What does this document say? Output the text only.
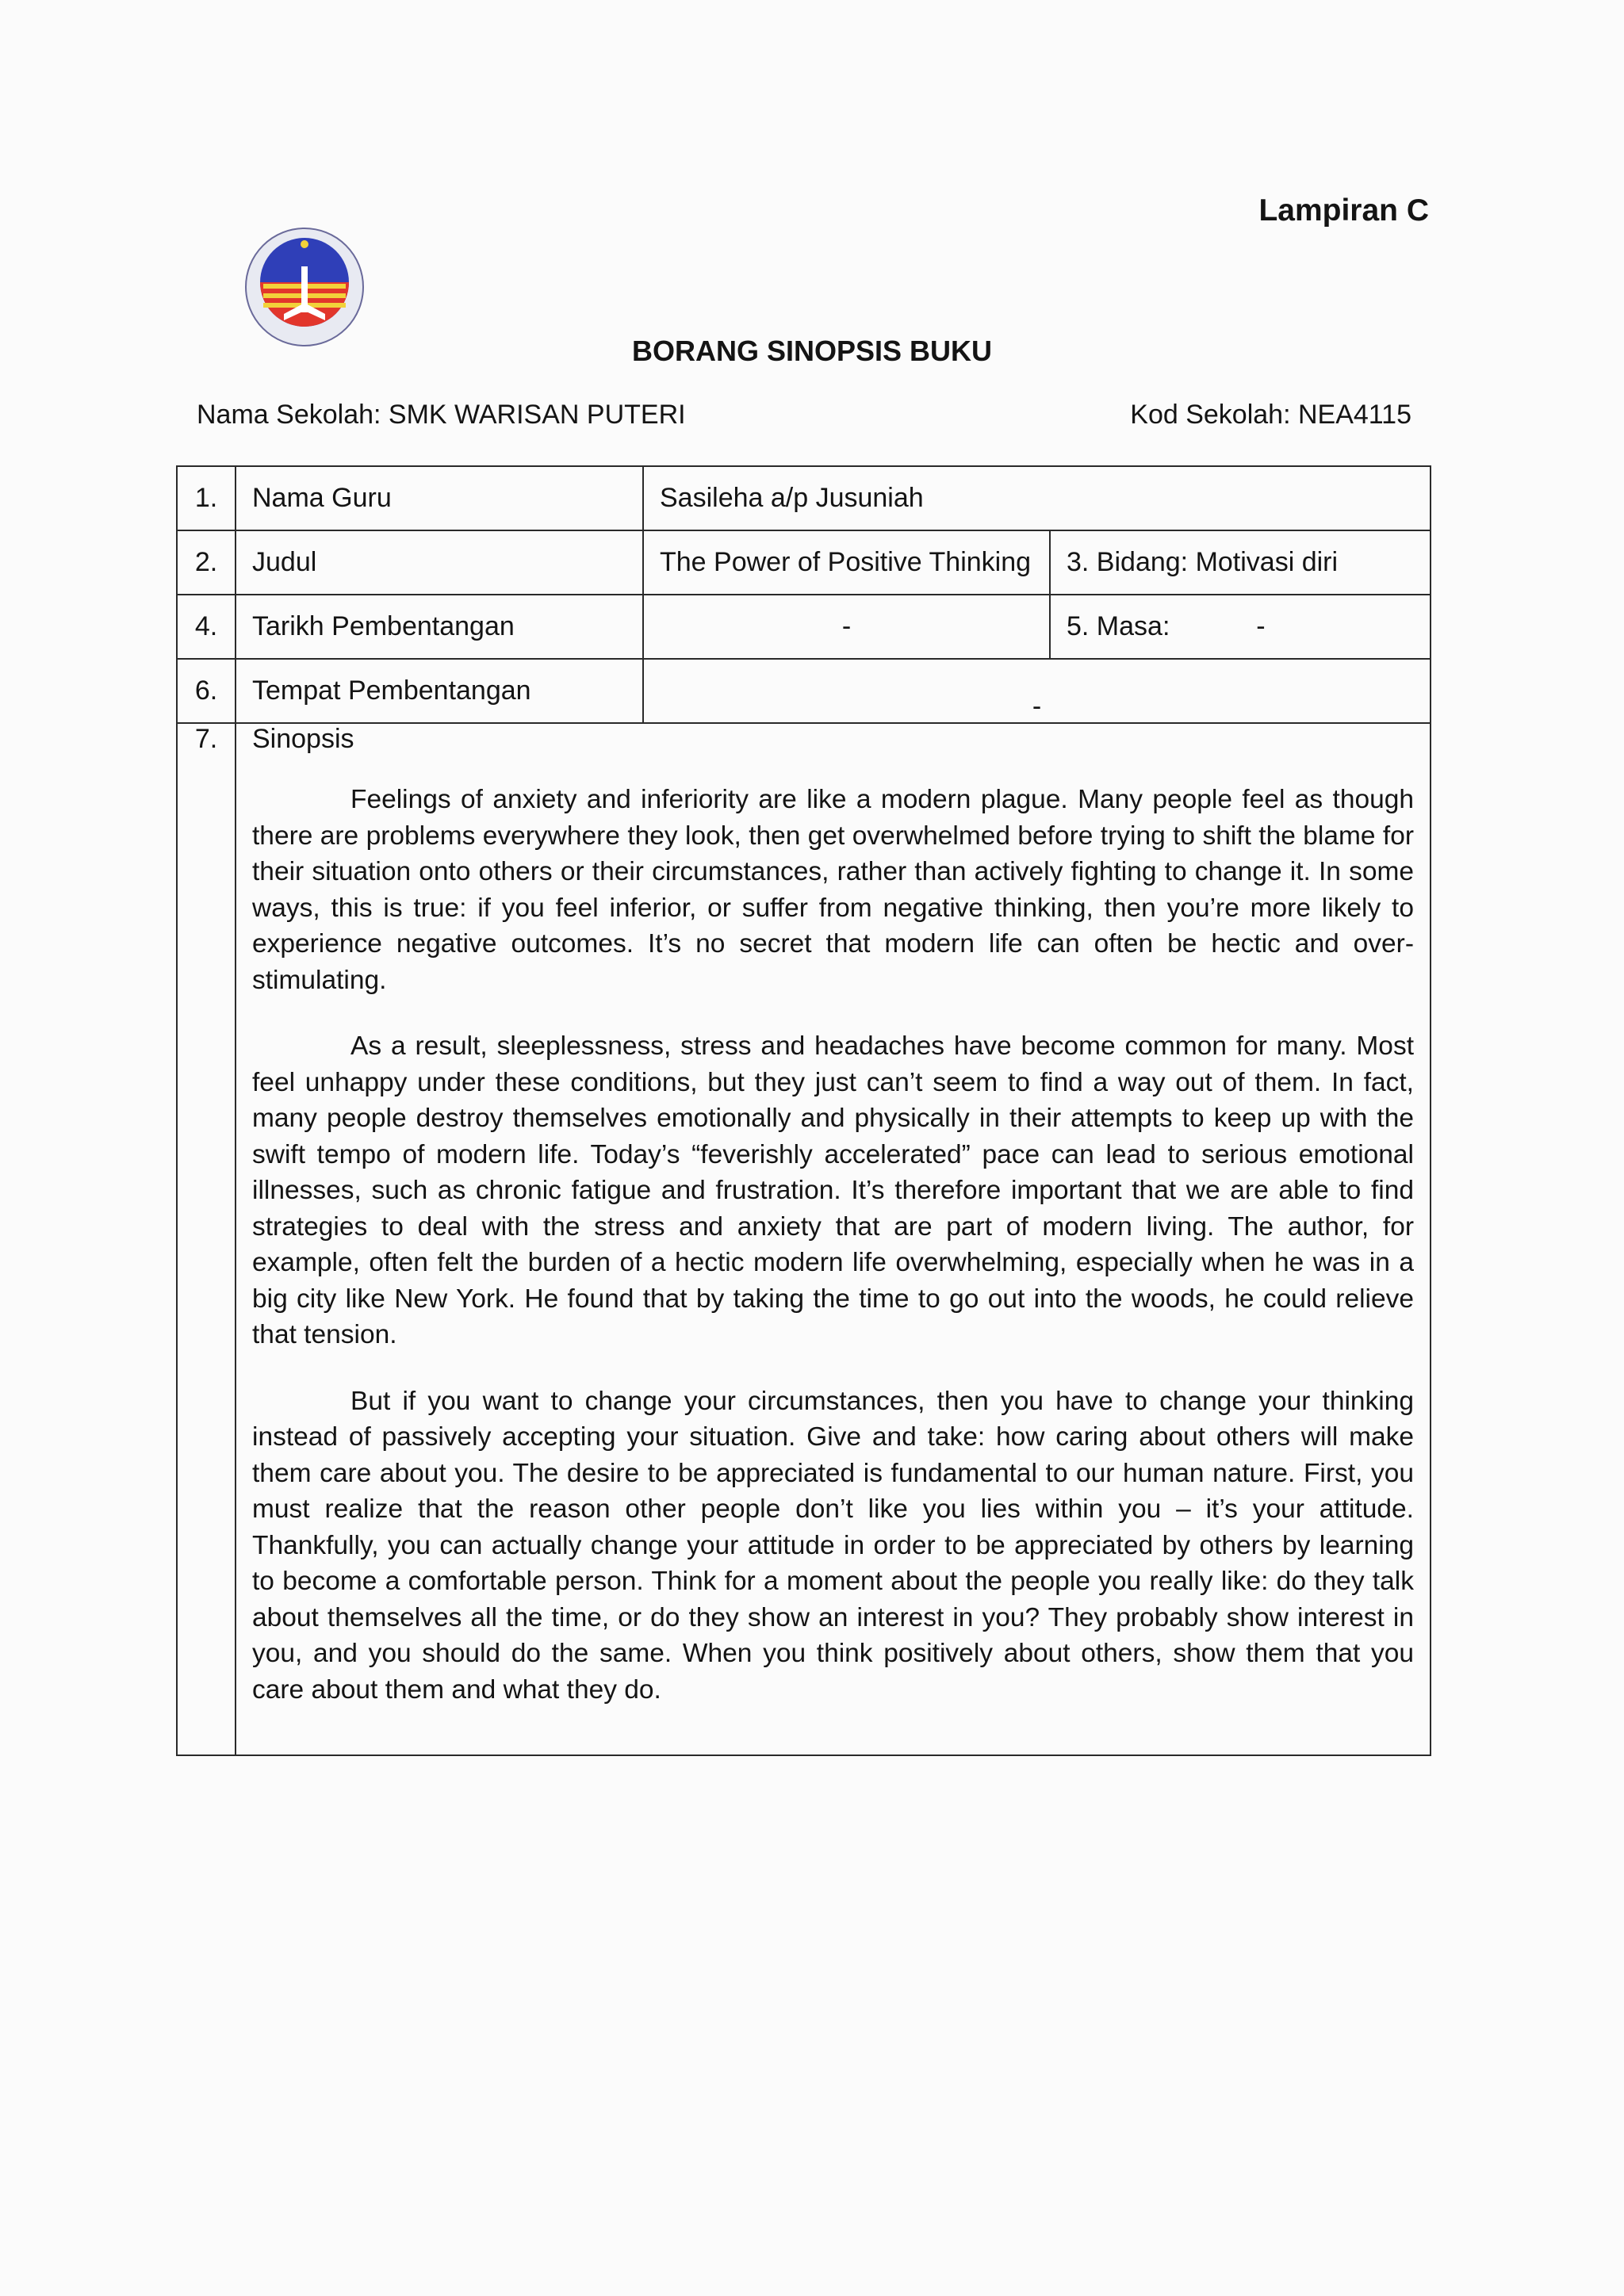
Lampiran C
BORANG SINOPSIS BUKU
Nama Sekolah: SMK WARISAN PUTERI	Kod Sekolah: NEA4115
1.	Nama Guru	Sasileha a/p Jusuniah	
2.	Judul	The Power of Positive Thinking	3. Bidang: Motivasi diri
4.	Tarikh Pembentangan	-	5. Masa: -
6.	Tempat Pembentangan	-	
7.	Sinopsis

Feelings of anxiety and inferiority are like a modern plague. Many people feel as though there are problems everywhere they look, then get overwhelmed before trying to shift the blame for their situation onto others or their circumstances, rather than actively fighting to change it. In some ways, this is true: if you feel inferior, or suffer from negative thinking, then you’re more likely to experience negative outcomes. It’s no secret that modern life can often be hectic and over-stimulating.

As a result, sleeplessness, stress and headaches have become common for many. Most feel unhappy under these conditions, but they just can’t seem to find a way out of them. In fact, many people destroy themselves emotionally and physically in their attempts to keep up with the swift tempo of modern life. Today’s “feverishly accelerated” pace can lead to serious emotional illnesses, such as chronic fatigue and frustration. It’s therefore important that we are able to find strategies to deal with the stress and anxiety that are part of modern living. The author, for example, often felt the burden of a hectic modern life overwhelming, especially when he was in a big city like New York. He found that by taking the time to go out into the woods, he could relieve that tension.

But if you want to change your circumstances, then you have to change your thinking instead of passively accepting your situation. Give and take: how caring about others will make them care about you. The desire to be appreciated is fundamental to our human nature. First, you must realize that the reason other people don’t like you lies within you – it’s your attitude. Thankfully, you can actually change your attitude in order to be appreciated by others by learning to become a comfortable person. Think for a moment about the people you really like: do they talk about themselves all the time, or do they show an interest in you? They probably show interest in you, and you should do the same. When you think positively about others, show them that you care about them and what they do.		
